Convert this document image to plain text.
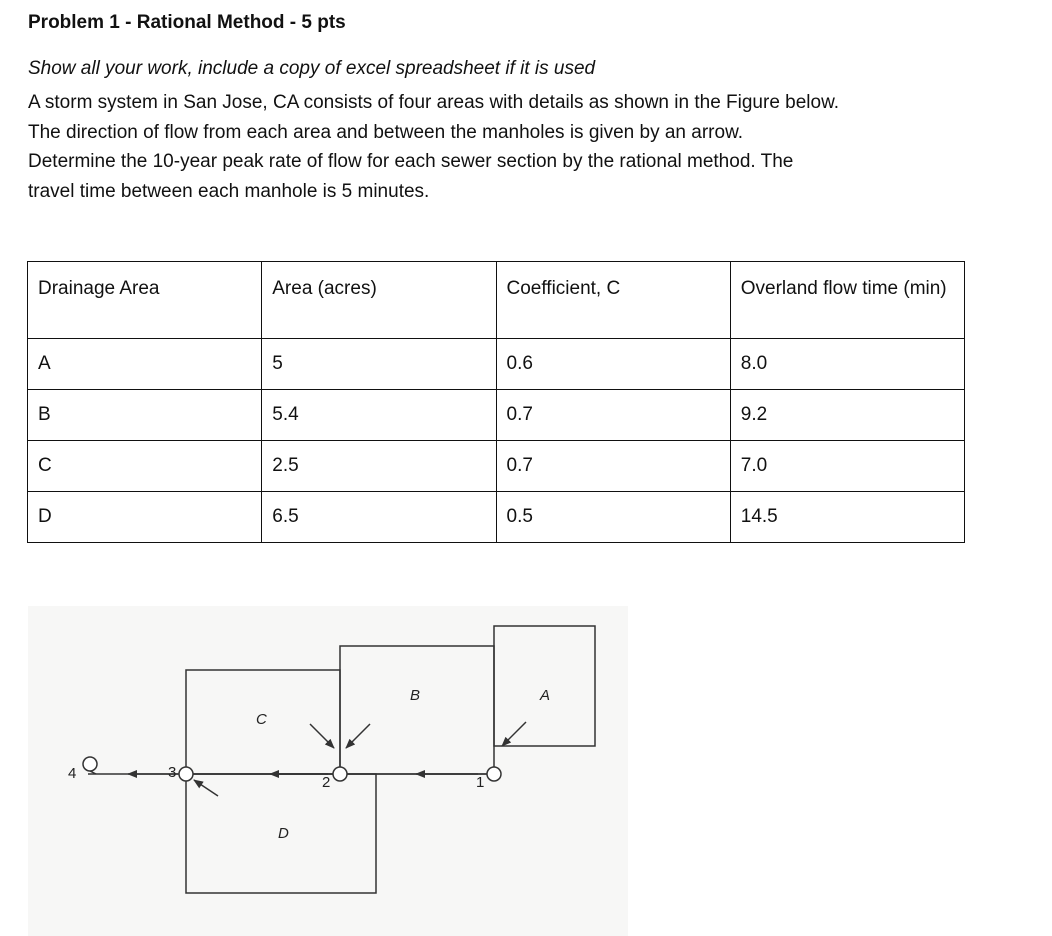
Problem 1 - Rational Method - 5 pts
Show all your work, include a copy of excel spreadsheet if it is used

A storm system in San Jose, CA consists of four areas with details as shown in the Figure below.

The direction of flow from each area and between the manholes is given by an arrow.

Determine the 10-year peak rate of flow for each sewer section by the rational method. The

travel time between each manhole is 5 minutes.

Drainage Area	Area (acres)	Coefficient, C	Overland flow time (min)
A	5	0.6	8.0
B	5.4	0.7	9.2
C	2.5	0.7	7.0
D	6.5	0.5	14.5
A
B
C
D
1
2
3
4
